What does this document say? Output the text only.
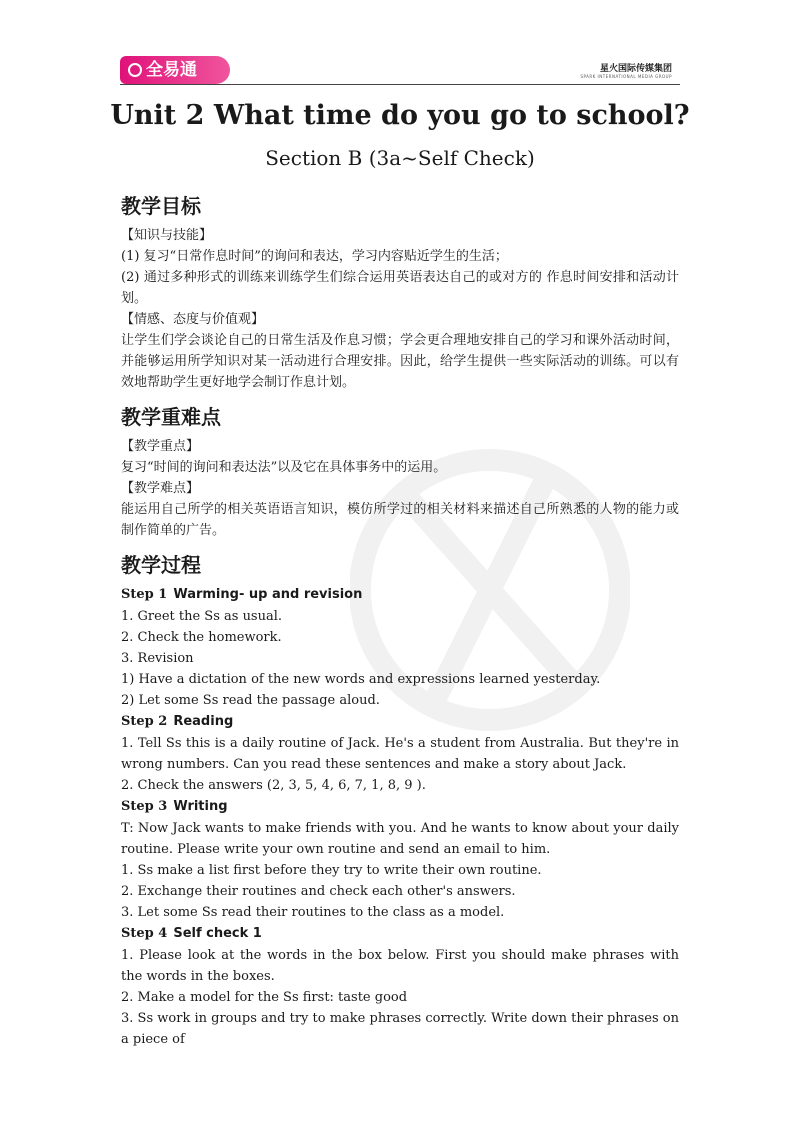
全易通	星火国际传媒集团
SPARK INTERNATIONAL MEDIA GROUP
Unit 2 What time do you go to school?
Section B (3a~Self Check)
教学目标

【知识与技能】

(1) 复习“日常作息时间”的询问和表达，学习内容贴近学生的生活；

(2) 通过多种形式的训练来训练学生们综合运用英语表达自己的或对方的 作息时间安排和活动计划。

【情感、态度与价值观】

让学生们学会谈论自己的日常生活及作息习惯；学会更合理地安排自己的学习和课外活动时间，并能够运用所学知识对某一活动进行合理安排。因此，给学生提供一些实际活动的训练。可以有效地帮助学生更好地学会制订作息计划。

教学重难点

【教学重点】

复习“时间的询问和表达法”以及它在具体事务中的运用。

【教学难点】

能运用自己所学的相关英语语言知识，模仿所学过的相关材料来描述自己所熟悉的人物的能力或制作简单的广告。

教学过程

Step 1 Warming- up and revision

1. Greet the Ss as usual.

2. Check the homework.

3. Revision

1) Have a dictation of the new words and expressions learned yesterday.

2) Let some Ss read the passage aloud.

Step 2 Reading

1. Tell Ss this is a daily routine of Jack. He's a student from Australia. But they're in wrong numbers. Can you read these sentences and make a story about Jack.

2. Check the answers (2, 3, 5, 4, 6, 7, 1, 8, 9 ).

Step 3 Writing

T: Now Jack wants to make friends with you. And he wants to know about your daily routine. Please write your own routine and send an email to him.

1. Ss make a list first before they try to write their own routine.

2. Exchange their routines and check each other's answers.

3. Let some Ss read their routines to the class as a model.

Step 4 Self check 1

1. Please look at the words in the box below. First you should make phrases with the words in the boxes.

2. Make a model for the Ss first: taste good

3. Ss work in groups and try to make phrases correctly. Write down their phrases on a piece of
